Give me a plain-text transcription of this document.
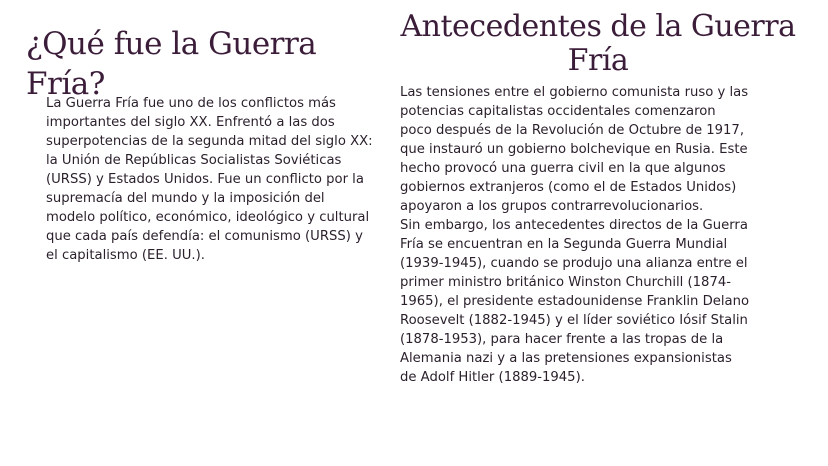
¿Qué fue la Guerra Fría?

La Guerra Fría fue uno de los conflictos más importantes del siglo XX. Enfrentó a las dos superpotencias de la segunda mitad del siglo XX: la Unión de Repúblicas Socialistas Soviéticas (URSS) y Estados Unidos. Fue un conflicto por la supremacía del mundo y la imposición del modelo político, económico, ideológico y cultural que cada país defendía: el comunismo (URSS) y el capitalismo (EE. UU.).

Antecedentes de la Guerra Fría
Las tensiones entre el gobierno comunista ruso y las potencias capitalistas occidentales comenzaron poco después de la Revolución de Octubre de 1917, que instauró un gobierno bolchevique en Rusia. Este hecho provocó una guerra civil en la que algunos gobiernos extranjeros (como el de Estados Unidos) apoyaron a los grupos contrarrevolucionarios.
Sin embargo, los antecedentes directos de la Guerra Fría se encuentran en la Segunda Guerra Mundial (1939-1945), cuando se produjo una alianza entre el primer ministro británico Winston Churchill (1874-1965), el presidente estadounidense Franklin Delano Roosevelt (1882-1945) y el líder soviético Iósif Stalin (1878-1953), para hacer frente a las tropas de la Alemania nazi y a las pretensiones expansionistas de Adolf Hitler (1889-1945).
